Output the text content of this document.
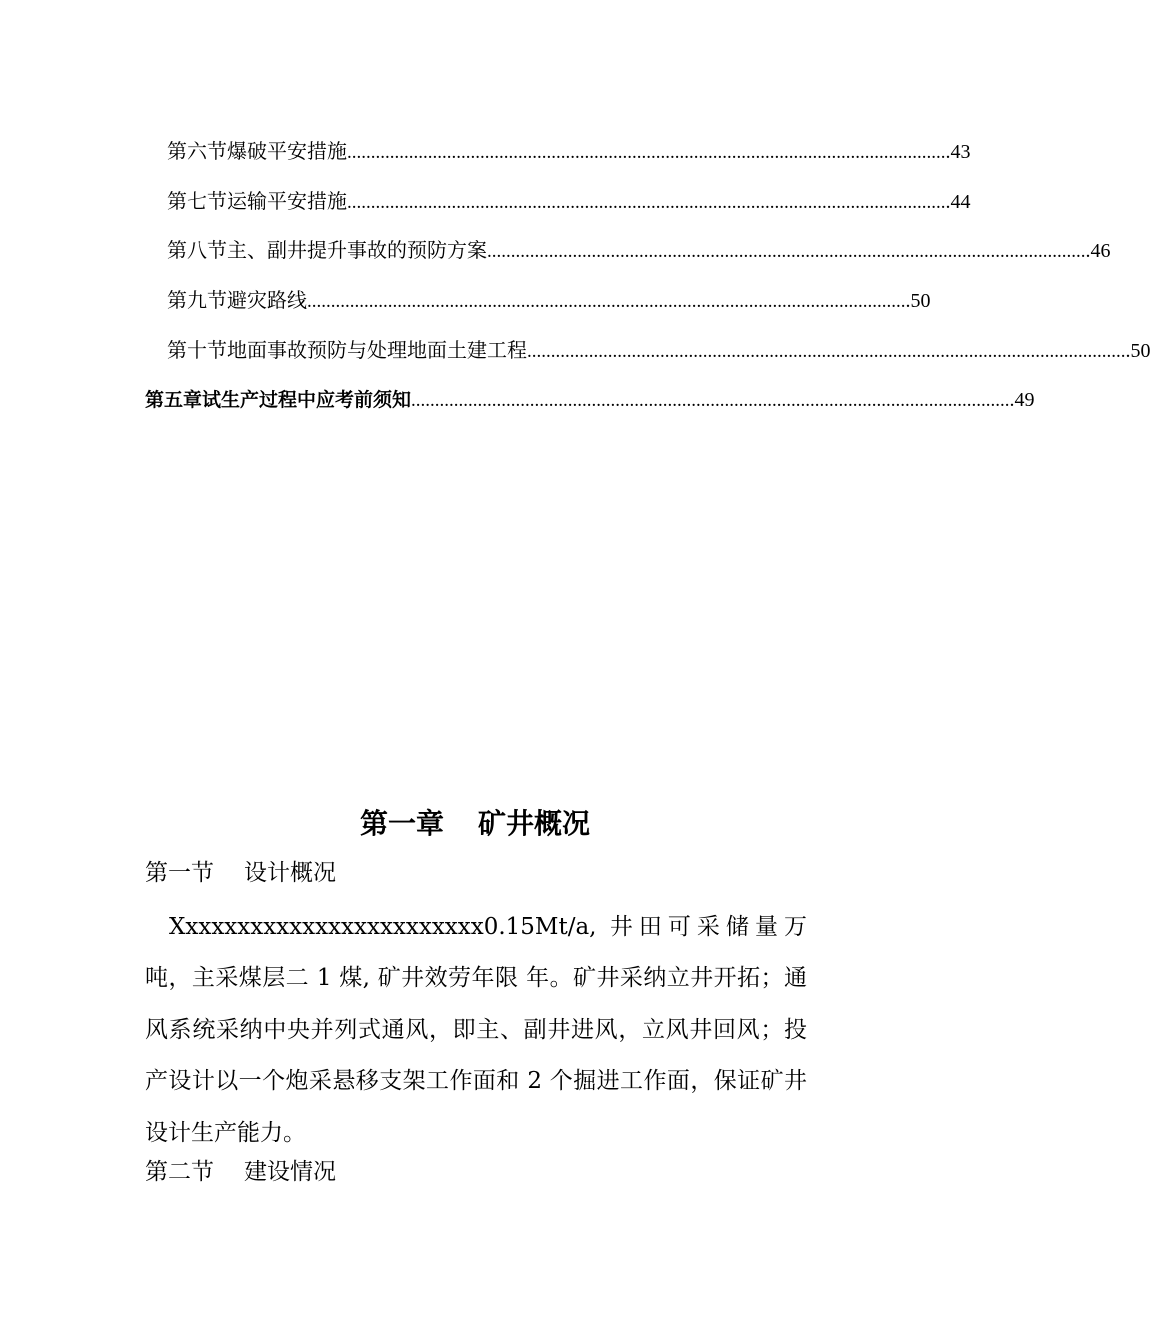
第六节 爆破平安措施 .............................................................................................................................. .43
第七节 运输平安措施 .............................................................................................................................. .44
第八节 主、副井提升事故的预防方案 .............................................................................................................................. .46
第九节 避灾路线 .............................................................................................................................. .50
第十节 地面事故预防与处理地面土建工程 .............................................................................................................................. .50
第五章 试生产过程中应考前须知 .............................................................................................................................. .49
第一章 矿井概况
第一节 设计概况

Xxxxxxxxxxxxxxxxxxxxxxxx0.15Mt/a, 井田可采储量万吨，主采煤层二 1 煤, 矿井效劳年限 年。矿井采纳立井开拓；通风系统采纳中央并列式通风，即主、副井进风，立风井回风；投产设计以一个炮采悬移支架工作面和 2 个掘进工作面，保证矿井设计生产能力。

第二节 建设情况
